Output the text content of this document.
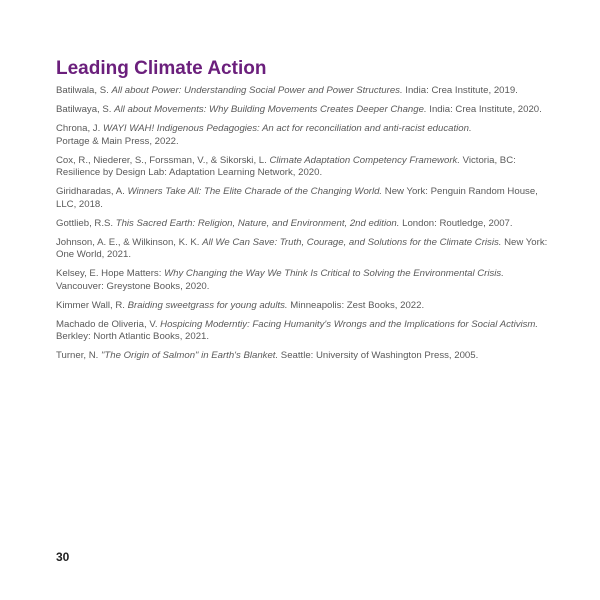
Leading Climate Action
Batilwala, S. All about Power: Understanding Social Power and Power Structures. India: Crea Institute, 2019.
Batilwaya, S. All about Movements: Why Building Movements Creates Deeper Change. India: Crea Institute, 2020.
Chrona, J. WAYI WAH! Indigenous Pedagogies: An act for reconciliation and anti-racist education.
Portage & Main Press, 2022.
Cox, R., Niederer, S., Forssman, V., & Sikorski, L. Climate Adaptation Competency Framework. Victoria, BC: Resilience by Design Lab: Adaptation Learning Network, 2020.
Giridharadas, A. Winners Take All: The Elite Charade of the Changing World. New York: Penguin Random House, LLC, 2018.
Gottlieb, R.S. This Sacred Earth: Religion, Nature, and Environment, 2nd edition. London: Routledge, 2007.
Johnson, A. E., & Wilkinson, K. K. All We Can Save: Truth, Courage, and Solutions for the Climate Crisis. New York: One World, 2021.
Kelsey, E. Hope Matters: Why Changing the Way We Think Is Critical to Solving the Environmental Crisis. Vancouver: Greystone Books, 2020.
Kimmer Wall, R. Braiding sweetgrass for young adults. Minneapolis: Zest Books, 2022.
Machado de Oliveria, V. Hospicing Moderntiy: Facing Humanity's Wrongs and the Implications for Social Activism.
Berkley: North Atlantic Books, 2021.
Turner, N. "The Origin of Salmon" in Earth's Blanket. Seattle: University of Washington Press, 2005.
30
